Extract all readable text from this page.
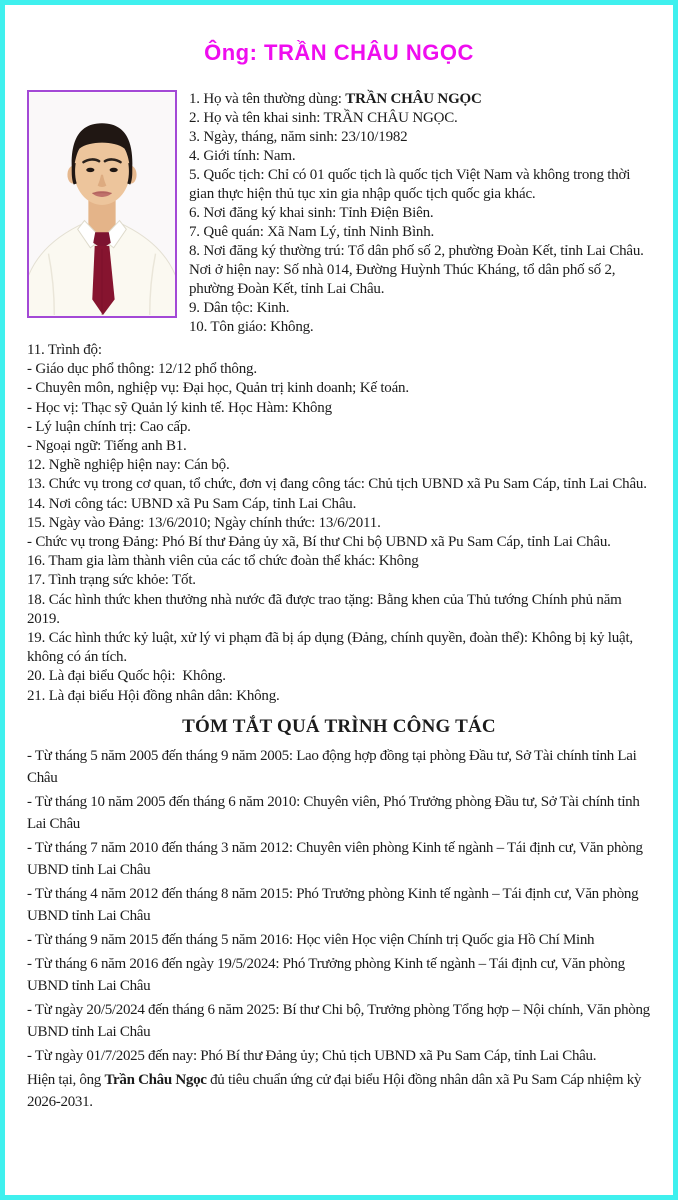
Ông: TRẦN CHÂU NGỌC
1. Họ và tên thường dùng: TRẦN CHÂU NGỌC
2. Họ và tên khai sinh: TRẦN CHÂU NGỌC.
3. Ngày, tháng, năm sinh: 23/10/1982
4. Giới tính: Nam.
5. Quốc tịch: Chỉ có 01 quốc tịch là quốc tịch Việt Nam và không trong thời gian thực hiện thủ tục xin gia nhập quốc tịch quốc gia khác.
6. Nơi đăng ký khai sinh: Tỉnh Điện Biên.
7. Quê quán: Xã Nam Lý, tỉnh Ninh Bình.
8. Nơi đăng ký thường trú: Tổ dân phố số 2, phường Đoàn Kết, tỉnh Lai Châu.
Nơi ở hiện nay: Số nhà 014, Đường Huỳnh Thúc Kháng, tổ dân phố số 2, phường Đoàn Kết, tỉnh Lai Châu.
9. Dân tộc: Kinh.
10. Tôn giáo: Không.
11. Trình độ:
- Giáo dục phổ thông: 12/12 phổ thông.
- Chuyên môn, nghiệp vụ: Đại học, Quản trị kinh doanh; Kế toán.
- Học vị: Thạc sỹ Quản lý kinh tế. Học Hàm: Không
- Lý luận chính trị: Cao cấp.
- Ngoại ngữ: Tiếng anh B1.
12. Nghề nghiệp hiện nay: Cán bộ.
13. Chức vụ trong cơ quan, tổ chức, đơn vị đang công tác: Chủ tịch UBND xã Pu Sam Cáp, tỉnh Lai Châu.
14. Nơi công tác: UBND xã Pu Sam Cáp, tỉnh Lai Châu.
15. Ngày vào Đảng: 13/6/2010; Ngày chính thức: 13/6/2011.
- Chức vụ trong Đảng: Phó Bí thư Đảng ủy xã, Bí thư Chi bộ UBND xã Pu Sam Cáp, tỉnh Lai Châu.
16. Tham gia làm thành viên của các tổ chức đoàn thể khác: Không
17. Tình trạng sức khỏe: Tốt.
18. Các hình thức khen thưởng nhà nước đã được trao tặng: Bằng khen của Thủ tướng Chính phủ năm 2019.
19. Các hình thức kỷ luật, xử lý vi phạm đã bị áp dụng (Đảng, chính quyền, đoàn thể): Không bị kỷ luật, không có án tích.
20. Là đại biểu Quốc hội:  Không.
21. Là đại biểu Hội đồng nhân dân: Không.
TÓM TẮT QUÁ TRÌNH CÔNG TÁC
- Từ tháng 5 năm 2005 đến tháng 9 năm 2005: Lao động hợp đồng tại phòng Đầu tư, Sở Tài chính tỉnh Lai Châu
- Từ tháng 10 năm 2005 đến tháng 6 năm 2010: Chuyên viên, Phó Trưởng phòng Đầu tư, Sở Tài chính tỉnh Lai Châu
- Từ tháng 7 năm 2010 đến tháng 3 năm 2012: Chuyên viên phòng Kinh tế ngành – Tái định cư, Văn phòng UBND tỉnh Lai Châu
- Từ tháng 4 năm 2012 đến tháng 8 năm 2015: Phó Trưởng phòng Kinh tế ngành – Tái định cư, Văn phòng UBND tỉnh Lai Châu
- Từ tháng 9 năm 2015 đến tháng 5 năm 2016: Học viên Học viện Chính trị Quốc gia Hồ Chí Minh
- Từ tháng 6 năm 2016 đến ngày 19/5/2024: Phó Trưởng phòng Kinh tế ngành – Tái định cư, Văn phòng UBND tỉnh Lai Châu
- Từ ngày 20/5/2024 đến tháng 6 năm 2025: Bí thư Chi bộ, Trưởng phòng Tổng hợp – Nội chính, Văn phòng UBND tỉnh Lai Châu
- Từ ngày 01/7/2025 đến nay: Phó Bí thư Đảng ủy; Chủ tịch UBND xã Pu Sam Cáp, tỉnh Lai Châu.
Hiện tại, ông Trần Châu Ngọc đủ tiêu chuẩn ứng cử đại biểu Hội đồng nhân dân xã Pu Sam Cáp nhiệm kỳ 2026-2031.
